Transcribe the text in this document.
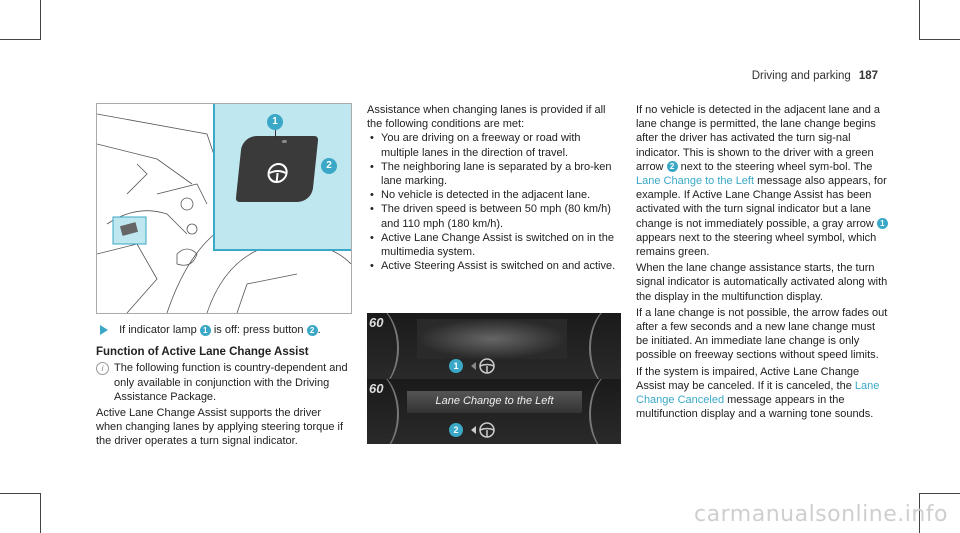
Driving and parking 187
1
2

If indicator lamp 1 is off: press button 2 .

Function of Active Lane Change Assist

i The following function is country-dependent and only available in conjunction with the Driving Assistance Package.

Active Lane Change Assist supports the driver when changing lanes by applying steering torque if the driver operates a turn signal indicator.

Assistance when changing lanes is provided if all the following conditions are met:

• You are driving on a freeway or road with multiple lanes in the direction of travel.
• The neighboring lane is separated by a bro-ken lane marking.
• No vehicle is detected in the adjacent lane.
• The driven speed is between 50 mph (80 km/h) and 110 mph (180 km/h).
• Active Lane Change Assist is switched on in the multimedia system.
• Active Steering Assist is switched on and active.
60
1
60
Lane Change to the Left
2

If no vehicle is detected in the adjacent lane and a lane change is permitted, the lane change begins after the driver has activated the turn sig-nal indicator. This is shown to the driver with a green arrow 2 next to the steering wheel sym-bol. The Lane Change to the Left message also appears, for example. If Active Lane Change Assist has been activated with the turn signal indicator but a lane change is not immediately possible, a gray arrow 1 appears next to the steering wheel symbol, which remains green.

When the lane change assistance starts, the turn signal indicator is automatically activated along with the display in the multifunction display.

If a lane change is not possible, the arrow fades out after a few seconds and a new lane change must be initiated. An immediate lane change is only possible on freeway sections without speed limits.

If the system is impaired, Active Lane Change Assist may be canceled. If it is canceled, the Lane Change Canceled message appears in the multifunction display and a warning tone sounds.

carmanualsonline.info
